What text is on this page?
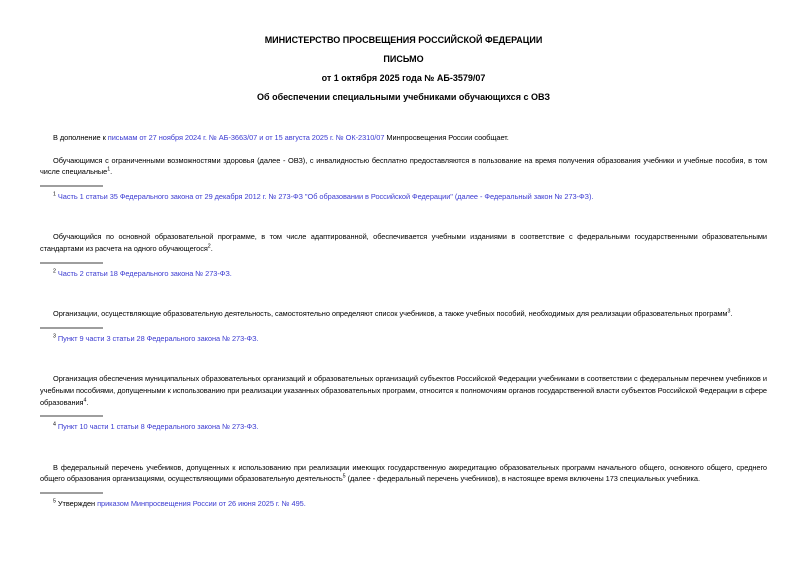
МИНИСТЕРСТВО ПРОСВЕЩЕНИЯ РОССИЙСКОЙ ФЕДЕРАЦИИ
ПИСЬМО
от 1 октября 2025 года № АБ-3579/07
Об обеспечении специальными учебниками обучающихся с ОВЗ

В дополнение к письмам от 27 ноября 2024 г. № АБ-3663/07 и от 15 августа 2025 г. № ОК-2310/07 Минпросвещения России сообщает.

Обучающимся с ограниченными возможностями здоровья (далее - ОВЗ), с инвалидностью бесплатно предоставляются в пользование на время получения образования учебники и учебные пособия, в том числе специальные$^1$.

$^1$ Часть 1 статьи 35 Федерального закона от 29 декабря 2012 г. № 273-ФЗ "Об образовании в Российской Федерации" (далее - Федеральный закон № 273-ФЗ).

Обучающийся по основной образовательной программе, в том числе адаптированной, обеспечивается учебными изданиями в соответствие с федеральными государственными образовательными стандартами из расчета на одного обучающегося$^2$.

$^2$ Часть 2 статьи 18 Федерального закона № 273-ФЗ.

Организации, осуществляющие образовательную деятельность, самостоятельно определяют список учебников, а также учебных пособий, необходимых для реализации образовательных программ$^3$.

$^3$ Пункт 9 части 3 статьи 28 Федерального закона № 273-ФЗ.

Организация обеспечения муниципальных образовательных организаций и образовательных организаций субъектов Российской Федерации учебниками в соответствии с федеральным перечнем учебников и учебными пособиями, допущенными к использованию при реализации указанных образовательных программ, относится к полномочиям органов государственной власти субъектов Российской Федерации в сфере образования$^4$.

$^4$ Пункт 10 части 1 статьи 8 Федерального закона № 273-ФЗ.

В федеральный перечень учебников, допущенных к использованию при реализации имеющих государственную аккредитацию образовательных программ начального общего, основного общего, среднего общего образования организациями, осуществляющими образовательную деятельность$^5$ (далее - федеральный перечень учебников), в настоящее время включены 173 специальных учебника.

$^5$ Утвержден приказом Минпросвещения России от 26 июня 2025 г. № 495.
